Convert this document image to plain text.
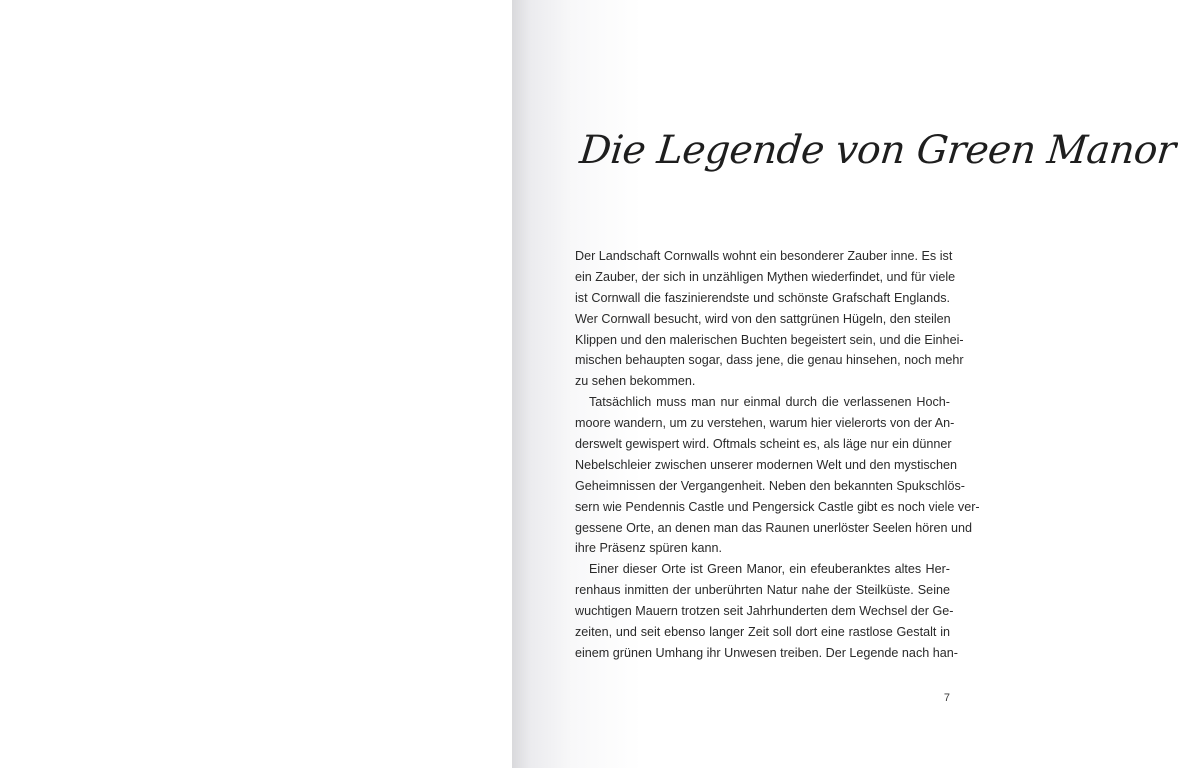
Die Legende von Green Manor
Der Landschaft Cornwalls wohnt ein besonderer Zauber inne. Es ist
ein Zauber, der sich in unzähligen Mythen wiederfindet, und für viele
ist Cornwall die faszinierendste und schönste Grafschaft Englands.
Wer Cornwall besucht, wird von den sattgrünen Hügeln, den steilen
Klippen und den malerischen Buchten begeistert sein, und die Einhei-
mischen behaupten sogar, dass jene, die genau hinsehen, noch mehr
zu sehen bekommen.
Tatsächlich muss man nur einmal durch die verlassenen Hoch-
moore wandern, um zu verstehen, warum hier vielerorts von der An-
derswelt gewispert wird. Oftmals scheint es, als läge nur ein dünner
Nebelschleier zwischen unserer modernen Welt und den mystischen
Geheimnissen der Vergangenheit. Neben den bekannten Spukschlös-
sern wie Pendennis Castle und Pengersick Castle gibt es noch viele ver-
gessene Orte, an denen man das Raunen unerlöster Seelen hören und
ihre Präsenz spüren kann.
Einer dieser Orte ist Green Manor, ein efeuberanktes altes Her-
renhaus inmitten der unberührten Natur nahe der Steilküste. Seine
wuchtigen Mauern trotzen seit Jahrhunderten dem Wechsel der Ge-
zeiten, und seit ebenso langer Zeit soll dort eine rastlose Gestalt in
einem grünen Umhang ihr Unwesen treiben. Der Legende nach han-
7
